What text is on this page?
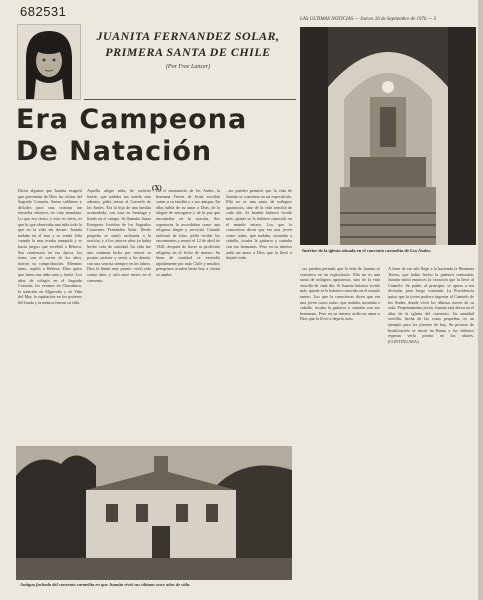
682531
LAS ULTIMAS NOTICIAS — Jueves 16 de Septiembre de 1976 — 3
JUANITA FERNANDEZ SOLAR,
PRIMERA SANTA DE CHILE
(Por Free Lancer)
Era Campeona
De Natación
(X)

Dicen algunos que Juanita exageró que provenían de Dios las visitas del Sagrado Corazón. Suena sublimes y difíciles para una criatura tan envuelta entonces en vida mundana. Lo que era cierto, y esto es cierto, es que lo que observaba una niña todo lo que en la vida sin decaer. Juanita nadaba en el mar y se sentía feliz cuando la mar estaba tranquila y se hacía juegos que escribió a Rebeca. Sus comienzos en esa época, los tenía, con el correr de los años, fueron su comprobación. Mientras tanto, repitió a Rebeca: Dios quiso que fuera una niña sana y fuerte. Los años de colegio en el Sagrado Corazón, los veranos en Chacabuco, la natación en Algarrobo y en Viña del Mar, la equitación en los potreros del fundo y la música fueron su vida.

Aquella alegre niña, de carácter fuerte, que nadaba sin miedo mar adentro, pidió entrar al Carmelo de los Andes. Era la hija de una familia acomodada, con casa en Santiago y fundo en el campo. Se llamaba Juana Enriqueta Josefina de los Sagrados Corazones Fernández Solar. Desde pequeña se sintió inclinada a la oración, y a los catorce años ya había hecho voto de castidad. Su vida fue una continua lucha por vencer su propio carácter y servir a los demás, con una sonrisa siempre en los labios. Dios la llamó muy pronto: vivió sólo veinte años, y sólo once meses en el convento.

En el monasterio de los Andes, la hermana Teresa de Jesús escribió cartas a su familia y a sus amigas. En ellas habla de su amor a Dios, de la alegría de entregarse y de la paz que encontraba en la oración. Sus superioras la recordaban como una religiosa alegre y servicial. Cuando enfermó de tifus, pidió recibir los sacramentos y murió el 12 de abril de 1920, después de hacer su profesión religiosa en el lecho de muerte. Su fama de santidad se extendió rápidamente por todo Chile y muchos peregrinos acuden hasta hoy a visitar su tumba.

...no pueden permitir que la vida de Juanita se convierta en un espectáculo. Ella no es una santa de milagros aparatosos, sino de la vida sencilla de cada día. Si Juanita hubiera vivido más, quizás se le hubiera conocido en el mundo entero. Los que la conocieron dicen que era una joven como todas, que nadaba, montaba a caballo, tocaba la guitarra y cantaba con sus hermanas. Pero en su interior ardía un amor a Dios que la llevó a dejarlo todo.

...no pueden permitir que la vida de Juanita se convierta en un espectáculo. Ella no es una santa de milagros aparatosos, sino de la vida sencilla de cada día. Si Juanita hubiera vivido más, quizás se le hubiera conocido en el mundo entero. Los que la conocieron dicen que era una joven como todas, que nadaba, montaba a caballo, tocaba la guitarra y cantaba con sus hermanas. Pero en su interior ardía un amor a Dios que la llevó a dejarlo todo.

A fines de ese año llegó a la hacienda la Hermana Teresa, que había hecho la primera comunión. Juanita sintió entonces la vocación que la llevó al Carmelo. Su padre, al principio, se opuso a esa decisión, pero luego consintió. La Providencia quiso que la joven pudiera ingresar al Carmelo de los Andes, donde vivió los últimos meses de su vida. Perpetuamente joven, Juanita está ahora en el altar de la iglesia del convento. Su santidad sencilla, hecha de las cosas pequeñas, es un ejemplo para los jóvenes de hoy. Su proceso de beatificación se inició en Roma y los chilenos esperan verla pronto en los altares. (CONTINUARA).

Antigua fachada del convento carmelita en que Juanita vivió sus últimos once años de vida.
Interior de la iglesia situada en el convento carmelita de Los Andes.
